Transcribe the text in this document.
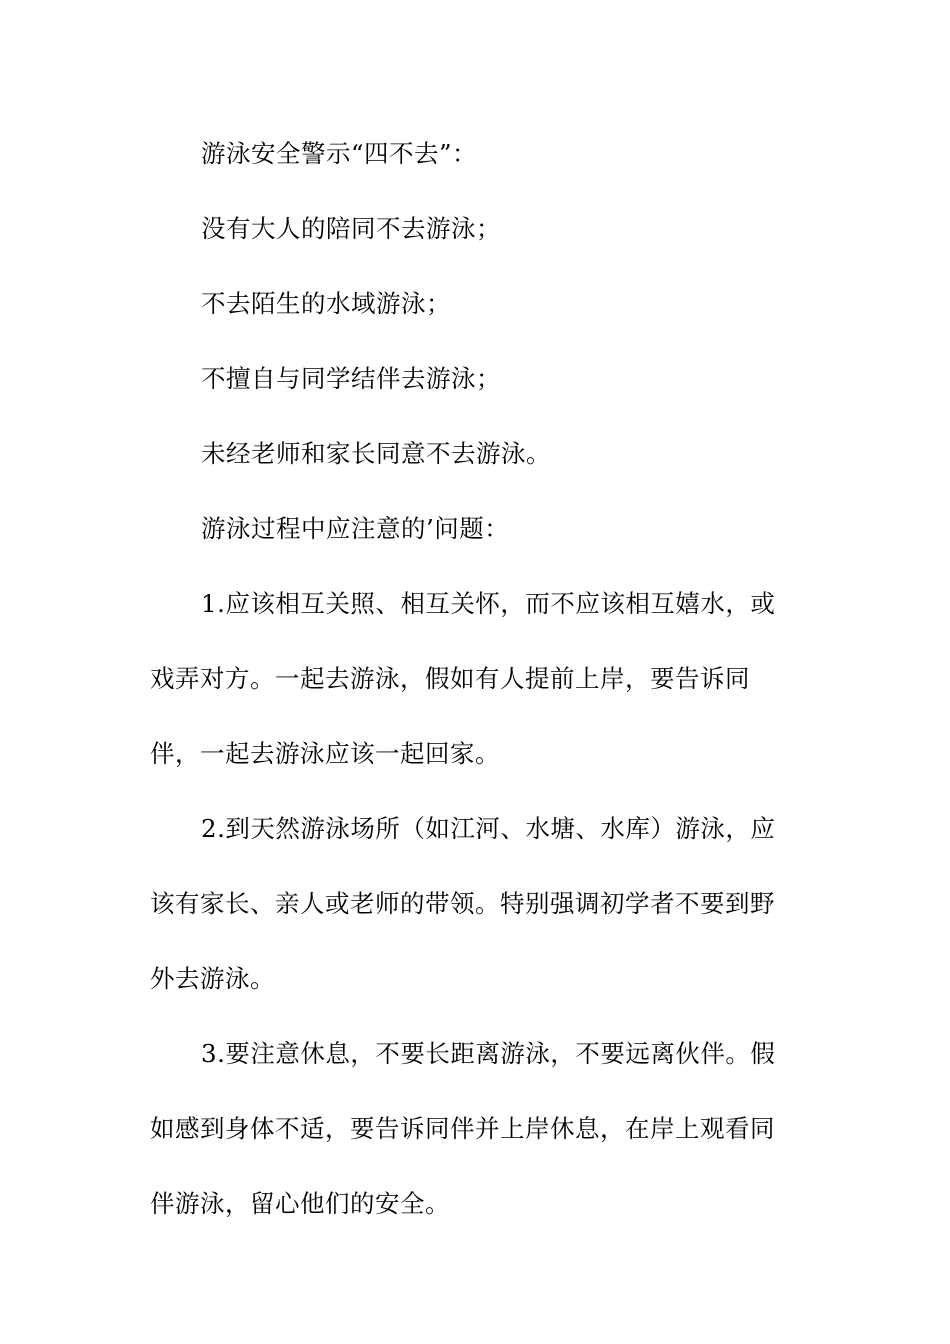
游泳安全警示“四不去”：

没有大人的陪同不去游泳；

不去陌生的水域游泳；

不擅自与同学结伴去游泳；

未经老师和家长同意不去游泳。

游泳过程中应注意的’问题：

1.应该相互关照、相互关怀，而不应该相互嬉水，或戏弄对方。一起去游泳，假如有人提前上岸，要告诉同伴，一起去游泳应该一起回家。

2.到天然游泳场所（如江河、水塘、水库）游泳，应该有家长、亲人或老师的带领。特别强调初学者不要到野外去游泳。

3.要注意休息，不要长距离游泳，不要远离伙伴。假如感到身体不适，要告诉同伴并上岸休息，在岸上观看同伴游泳，留心他们的安全。
